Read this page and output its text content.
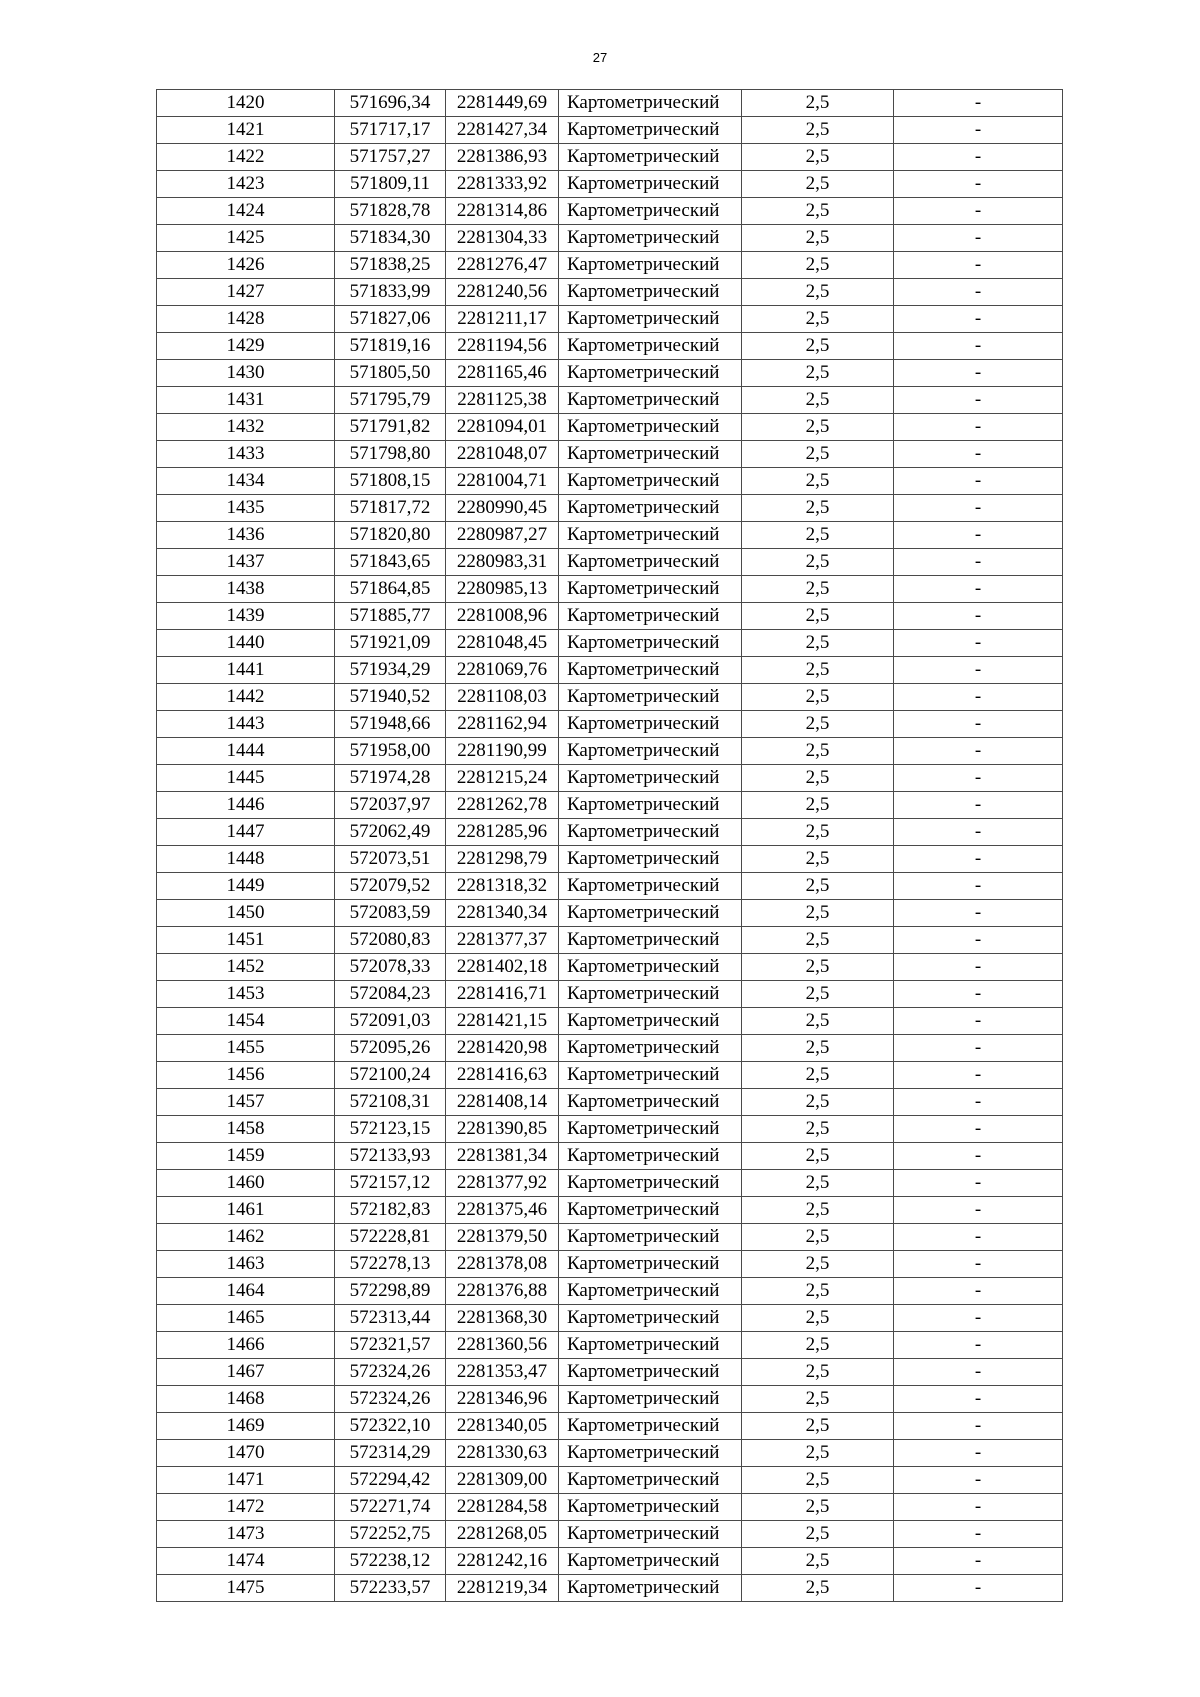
27
1420	571696,34	2281449,69	Картометрический	2,5	-
1421	571717,17	2281427,34	Картометрический	2,5	-
1422	571757,27	2281386,93	Картометрический	2,5	-
1423	571809,11	2281333,92	Картометрический	2,5	-
1424	571828,78	2281314,86	Картометрический	2,5	-
1425	571834,30	2281304,33	Картометрический	2,5	-
1426	571838,25	2281276,47	Картометрический	2,5	-
1427	571833,99	2281240,56	Картометрический	2,5	-
1428	571827,06	2281211,17	Картометрический	2,5	-
1429	571819,16	2281194,56	Картометрический	2,5	-
1430	571805,50	2281165,46	Картометрический	2,5	-
1431	571795,79	2281125,38	Картометрический	2,5	-
1432	571791,82	2281094,01	Картометрический	2,5	-
1433	571798,80	2281048,07	Картометрический	2,5	-
1434	571808,15	2281004,71	Картометрический	2,5	-
1435	571817,72	2280990,45	Картометрический	2,5	-
1436	571820,80	2280987,27	Картометрический	2,5	-
1437	571843,65	2280983,31	Картометрический	2,5	-
1438	571864,85	2280985,13	Картометрический	2,5	-
1439	571885,77	2281008,96	Картометрический	2,5	-
1440	571921,09	2281048,45	Картометрический	2,5	-
1441	571934,29	2281069,76	Картометрический	2,5	-
1442	571940,52	2281108,03	Картометрический	2,5	-
1443	571948,66	2281162,94	Картометрический	2,5	-
1444	571958,00	2281190,99	Картометрический	2,5	-
1445	571974,28	2281215,24	Картометрический	2,5	-
1446	572037,97	2281262,78	Картометрический	2,5	-
1447	572062,49	2281285,96	Картометрический	2,5	-
1448	572073,51	2281298,79	Картометрический	2,5	-
1449	572079,52	2281318,32	Картометрический	2,5	-
1450	572083,59	2281340,34	Картометрический	2,5	-
1451	572080,83	2281377,37	Картометрический	2,5	-
1452	572078,33	2281402,18	Картометрический	2,5	-
1453	572084,23	2281416,71	Картометрический	2,5	-
1454	572091,03	2281421,15	Картометрический	2,5	-
1455	572095,26	2281420,98	Картометрический	2,5	-
1456	572100,24	2281416,63	Картометрический	2,5	-
1457	572108,31	2281408,14	Картометрический	2,5	-
1458	572123,15	2281390,85	Картометрический	2,5	-
1459	572133,93	2281381,34	Картометрический	2,5	-
1460	572157,12	2281377,92	Картометрический	2,5	-
1461	572182,83	2281375,46	Картометрический	2,5	-
1462	572228,81	2281379,50	Картометрический	2,5	-
1463	572278,13	2281378,08	Картометрический	2,5	-
1464	572298,89	2281376,88	Картометрический	2,5	-
1465	572313,44	2281368,30	Картометрический	2,5	-
1466	572321,57	2281360,56	Картометрический	2,5	-
1467	572324,26	2281353,47	Картометрический	2,5	-
1468	572324,26	2281346,96	Картометрический	2,5	-
1469	572322,10	2281340,05	Картометрический	2,5	-
1470	572314,29	2281330,63	Картометрический	2,5	-
1471	572294,42	2281309,00	Картометрический	2,5	-
1472	572271,74	2281284,58	Картометрический	2,5	-
1473	572252,75	2281268,05	Картометрический	2,5	-
1474	572238,12	2281242,16	Картометрический	2,5	-
1475	572233,57	2281219,34	Картометрический	2,5	-
